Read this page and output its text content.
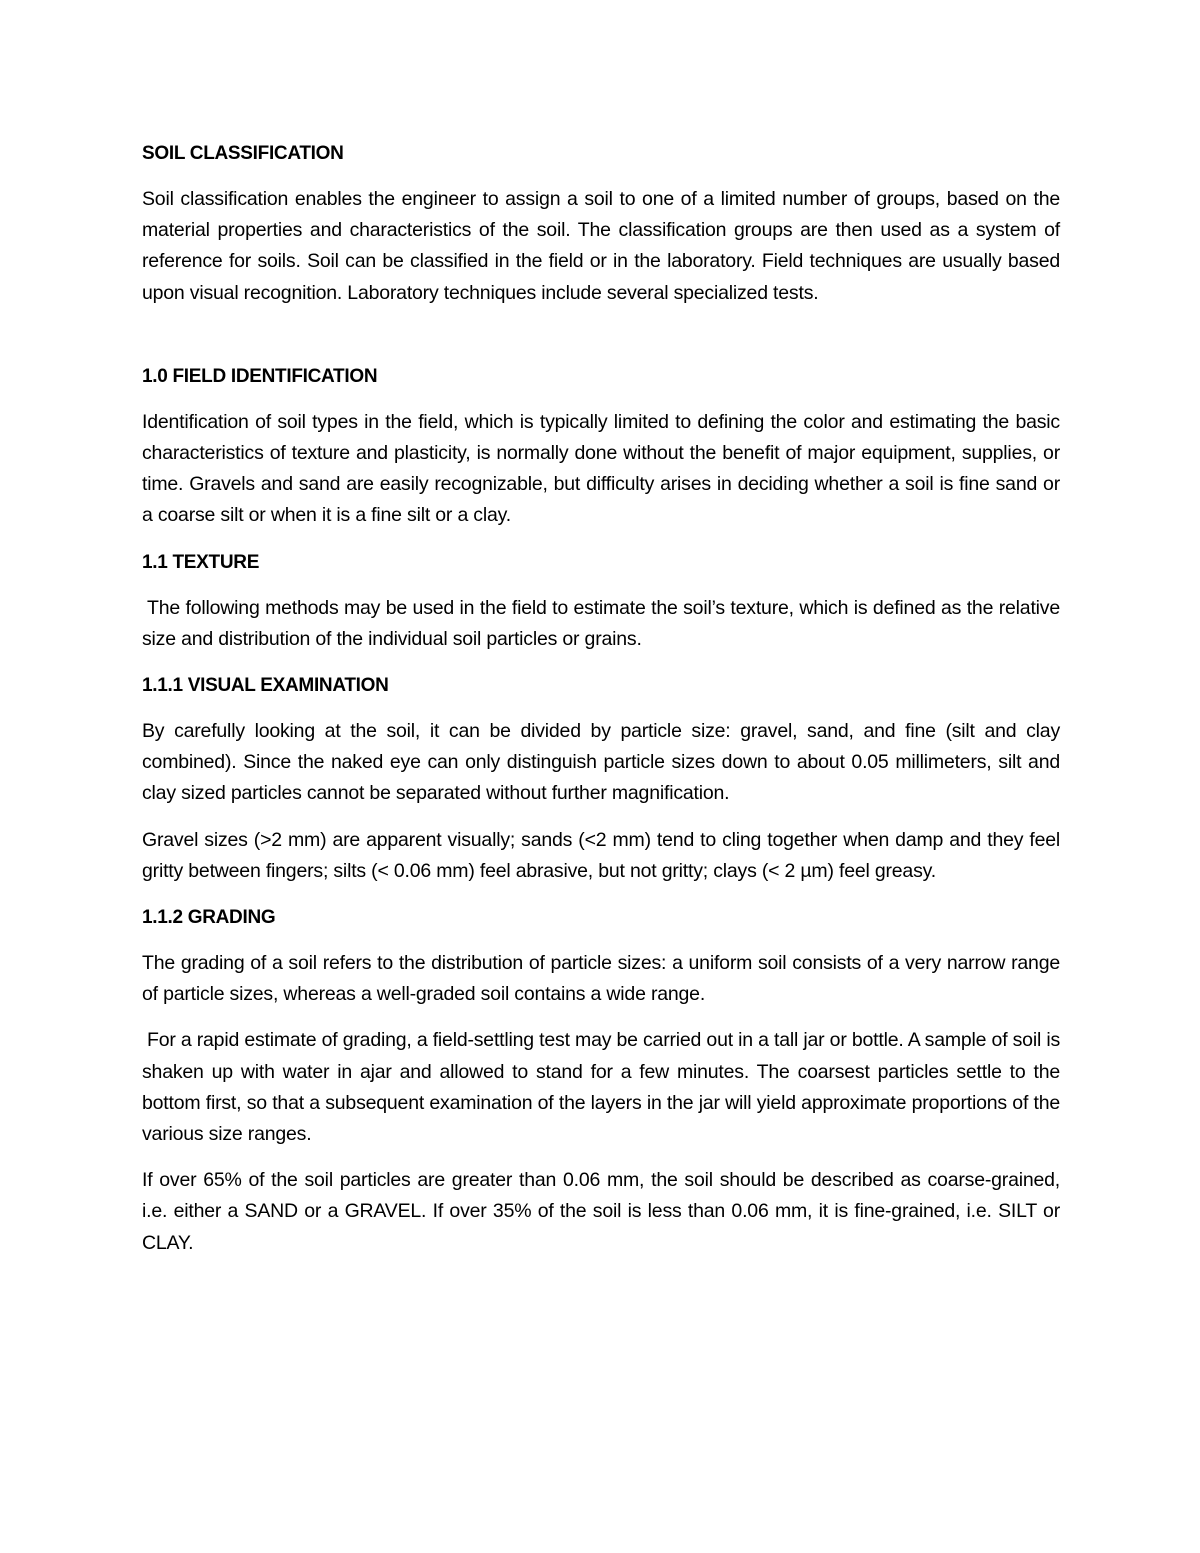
SOIL CLASSIFICATION

Soil classification enables the engineer to assign a soil to one of a limited number of groups, based on the material properties and characteristics of the soil. The classification groups are then used as a system of reference for soils. Soil can be classified in the field or in the laboratory. Field techniques are usually based upon visual recognition. Laboratory techniques include several specialized tests.

1.0 FIELD IDENTIFICATION

Identification of soil types in the field, which is typically limited to defining the color and estimating the basic characteristics of texture and plasticity, is normally done without the benefit of major equipment, supplies, or time. Gravels and sand are easily recognizable, but difficulty arises in deciding whether a soil is fine sand or a coarse silt or when it is a fine silt or a clay.

1.1 TEXTURE

The following methods may be used in the field to estimate the soil’s texture, which is defined as the relative size and distribution of the individual soil particles or grains.

1.1.1 VISUAL EXAMINATION

By carefully looking at the soil, it can be divided by particle size: gravel, sand, and fine (silt and clay combined). Since the naked eye can only distinguish particle sizes down to about 0.05 millimeters, silt and clay sized particles cannot be separated without further magnification.

Gravel sizes (>2 mm) are apparent visually; sands (<2 mm) tend to cling together when damp and they feel gritty between fingers; silts (< 0.06 mm) feel abrasive, but not gritty; clays (< 2 µm) feel greasy.

1.1.2 GRADING

The grading of a soil refers to the distribution of particle sizes: a uniform soil consists of a very narrow range of particle sizes, whereas a well-graded soil contains a wide range.

For a rapid estimate of grading, a field-settling test may be carried out in a tall jar or bottle. A sample of soil is shaken up with water in ajar and allowed to stand for a few minutes. The coarsest particles settle to the bottom first, so that a subsequent examination of the layers in the jar will yield approximate proportions of the various size ranges.

If over 65% of the soil particles are greater than 0.06 mm, the soil should be described as coarse-grained, i.e. either a SAND or a GRAVEL. If over 35% of the soil is less than 0.06 mm, it is fine-grained, i.e. SILT or CLAY.
